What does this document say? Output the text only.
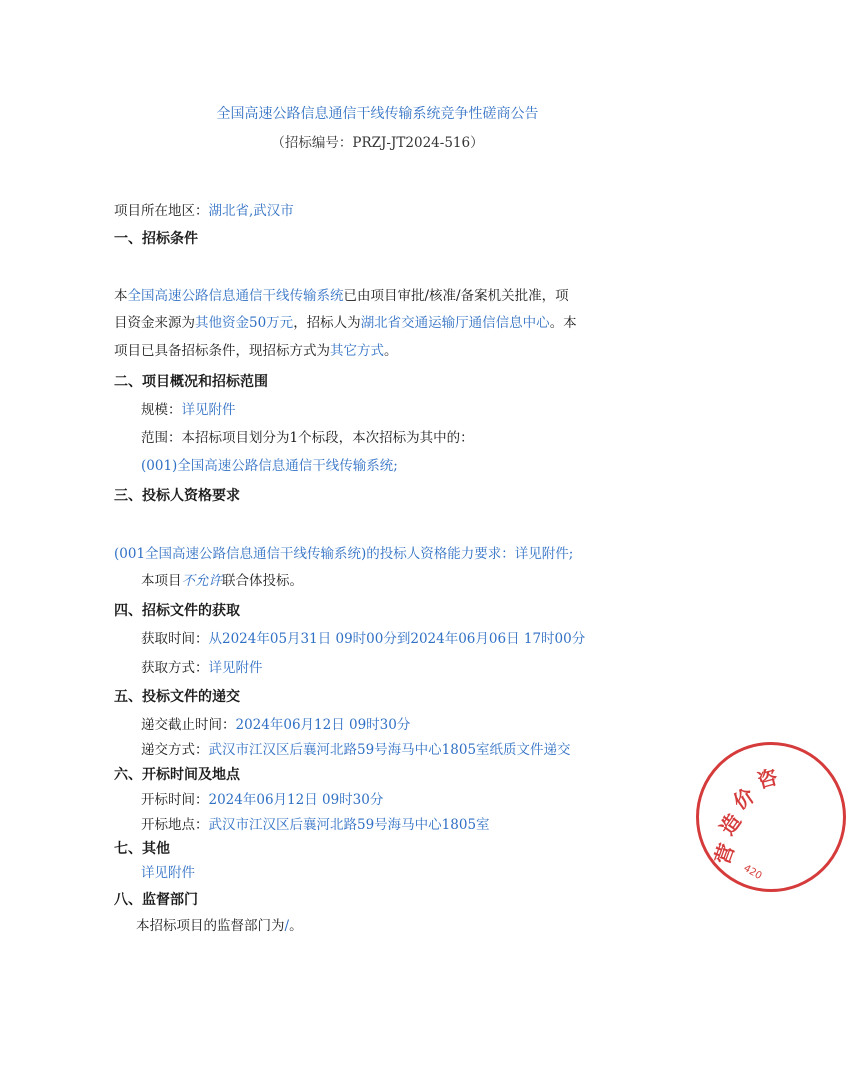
全国高速公路信息通信干线传输系统竞争性磋商公告
（招标编号：PRZJ-JT2024-516）
项目所在地区：湖北省,武汉市
一、招标条件
本全国高速公路信息通信干线传输系统已由项目审批/核准/备案机关批准，项
目资金来源为其他资金50万元，招标人为湖北省交通运输厅通信信息中心。本
项目已具备招标条件，现招标方式为其它方式。
二、项目概况和招标范围
规模：详见附件
范围：本招标项目划分为1个标段，本次招标为其中的：
(001)全国高速公路信息通信干线传输系统;
三、投标人资格要求
(001全国高速公路信息通信干线传输系统)的投标人资格能力要求：详见附件;
本项目不允许联合体投标。
四、招标文件的获取
获取时间：从2024年05月31日 09时00分到2024年06月06日 17时00分
获取方式：详见附件
五、投标文件的递交
递交截止时间：2024年06月12日 09时30分
递交方式：武汉市江汉区后襄河北路59号海马中心1805室纸质文件递交
六、开标时间及地点
开标时间：2024年06月12日 09时30分
开标地点：武汉市江汉区后襄河北路59号海马中心1805室
七、其他
详见附件
八、监督部门
本招标项目的监督部门为/。
营
造
价
咨
420
